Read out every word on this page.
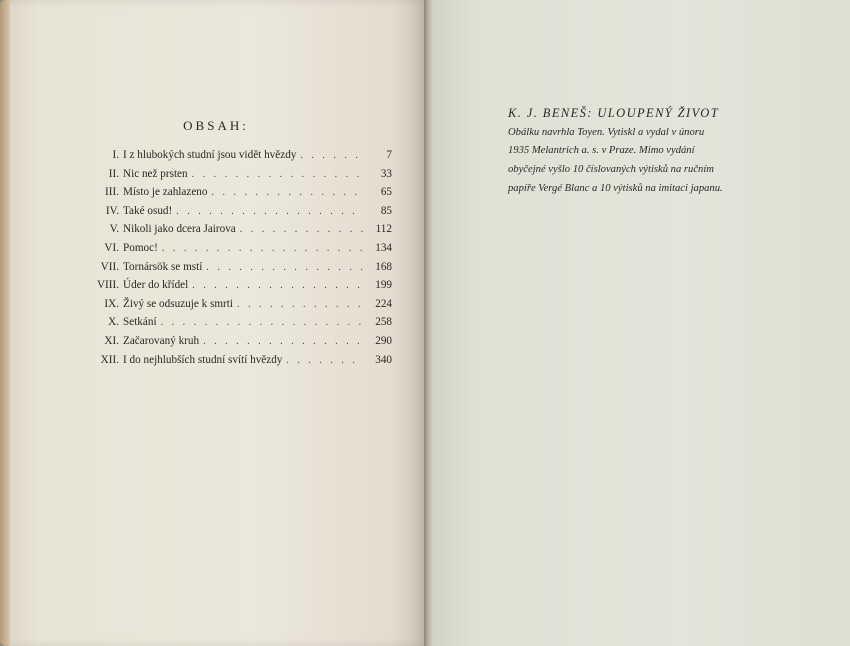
OBSAH:
I. I z hlubokých studní jsou vidět hvězdy . . .	7
II. Nic než prsten . . .	33
III. Místo je zahlazeno . . .	65
IV. Také osud! . . .	85
V. Nikoli jako dcera Jairova . . .	112
VI. Pomoc! . . .	134
VII. Tornársök se mstí . . .	168
VIII. Úder do křídel . . .	199
IX. Živý se odsuzuje k smrti . . .	224
X. Setkání . . .	258
XI. Začarovaný kruh . . .	290
XII. I do nejhlubších studní svítí hvězdy . . .	340
K. J. BENEŠ: ULOUPENÝ ŽIVOT
Obálku navrhla Toyen. Vytiskl a vydal v únoru
1935 Melantrich a. s. v Praze. Mimo vydání
obyčejné vyšlo 10 číslovaných výtisků na ručním
papíře Vergé Blanc a 10 výtisků na imitaci japanu.
